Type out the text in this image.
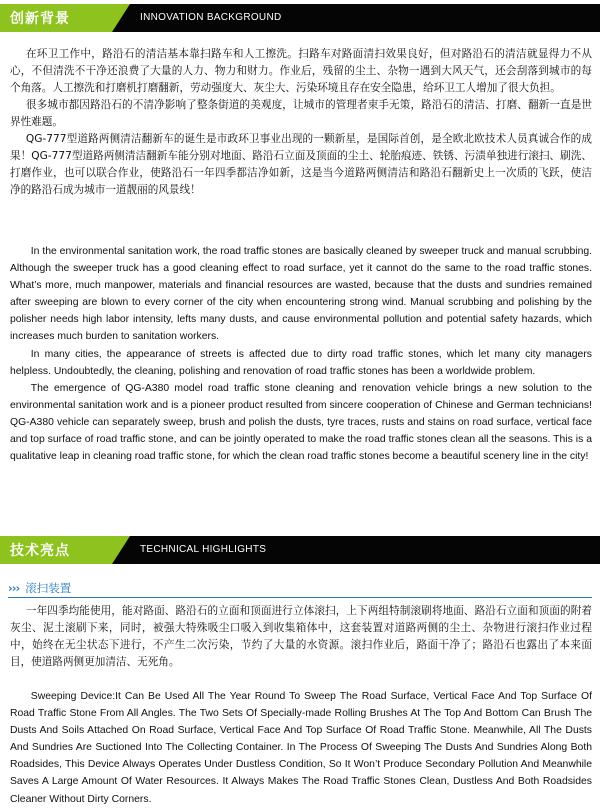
创新背景	INNOVATION BACKGROUND

在环卫工作中，路沿石的清洁基本靠扫路车和人工擦洗。扫路车对路面清扫效果良好，但对路沿石的清洁就显得力不从心，不但清洗不干净还浪费了大量的人力、物力和财力。作业后，残留的尘土、杂物一遇到大风天气，还会刮落到城市的每个角落。人工擦洗和打磨机打磨翻新，劳动强度大、灰尘大、污染环境且存在安全隐患，给环卫工人增加了很大负担。

很多城市都因路沿石的不清净影响了整条街道的美观度，让城市的管理者束手无策，路沿石的清洁、打磨、翻新一直是世界性难题。

QG-777型道路两侧清洁翻新车的诞生是市政环卫事业出现的一颗新星，是国际首创，是全欧北欧技术人员真诚合作的成果！QG-777型道路两侧清洁翻新车能分别对地面、路沿石立面及顶面的尘土、轮胎痕迹、铁锈、污渍单独进行滚扫、刷洗、打磨作业，也可以联合作业，使路沿石一年四季都洁净如新，这是当今道路两侧清洁和路沿石翻新史上一次质的飞跃，使洁净的路沿石成为城市一道靓丽的风景线！

In the environmental sanitation work, the road traffic stones are basically cleaned by sweeper truck and manual scrubbing. Although the sweeper truck has a good cleaning effect to road surface, yet it cannot do the same to the road traffic stones. What’s more, much manpower, materials and financial resources are wasted, because that the dusts and sundries remained after sweeping are blown to every corner of the city when encountering strong wind. Manual scrubbing and polishing by the polisher needs high labor intensity, lefts many dusts, and cause environmental pollution and potential safety hazards, which increases much burden to sanitation workers.

In many cities, the appearance of streets is affected due to dirty road traffic stones, which let many city managers helpless. Undoubtedly, the cleaning, polishing and renovation of road traffic stones has been a worldwide problem.

The emergence of QG-A380 model road traffic stone cleaning and renovation vehicle brings a new solution to the environmental sanitation work and is a pioneer product resulted from sincere cooperation of Chinese and German technicians! QG-A380 vehicle can separately sweep, brush and polish the dusts, tyre traces, rusts and stains on road surface, vertical face and top surface of road traffic stone, and can be jointly operated to make the road traffic stones clean all the seasons. This is a qualitative leap in cleaning road traffic stone, for which the clean road traffic stones become a beautiful scenery line in the city!

技术亮点	TECHNICAL HIGHLIGHTS
››› 滚扫装置

一年四季均能使用，能对路面、路沿石的立面和顶面进行立体滚扫，上下两组特制滚刷将地面、路沿石立面和顶面的附着灰尘、泥土滚刷下来，同时，被强大特殊吸尘口吸入到收集箱体中，这套装置对道路两侧的尘土、杂物进行滚扫作业过程中，始终在无尘状态下进行，不产生二次污染，节约了大量的水资源。滚扫作业后，路面干净了；路沿石也露出了本来面目，使道路两侧更加清洁、无死角。

Sweeping Device:It Can Be Used All The Year Round To Sweep The Road Surface, Vertical Face And Top Surface Of Road Traffic Stone From All Angles. The Two Sets Of Specially-made Rolling Brushes At The Top And Bottom Can Brush The Dusts And Soils Attached On Road Surface, Vertical Face And Top Surface Of Road Traffic Stone. Meanwhile, All The Dusts And Sundries Are Suctioned Into The Collecting Container. In The Process Of Sweeping The Dusts And Sundries Along Both Roadsides, This Device Always Operates Under Dustless Condition, So It Won’t Produce Secondary Pollution And Meanwhile Saves A Large Amount Of Water Resources. It Always Makes The Road Traffic Stones Clean, Dustless And Both Roadsides Cleaner Without Dirty Corners.
